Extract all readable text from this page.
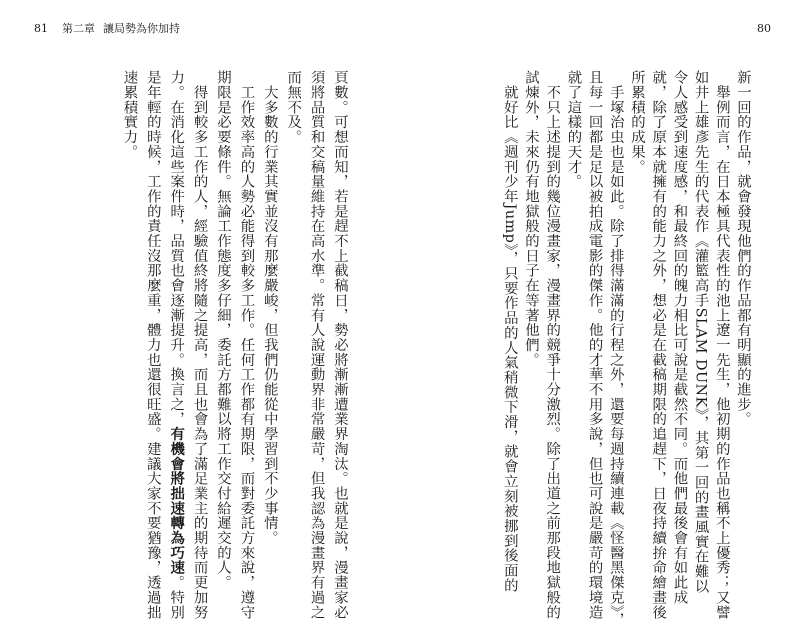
81 第二章 讓局勢為你加持	80
新一回的作品，就會發現他們的作品都有明顯的進步。
　舉例而言，在日本極具代表性的池上遼一先生，他初期的作品也稱不上優秀；又譬
如井上雄彥先生的代表作《灌籃高手SLAM DUNK》，其第一回的畫風實在難以
令人感受到速度感，和最終回的魄力相比可說是截然不同。而他們最後會有如此成
就，除了原本就擁有的能力之外，想必是在截稿期限的追趕下，日夜持續拚命繪畫後
所累積的成果。
　手塚治虫也是如此。除了排得滿滿的行程之外，還要每週持續連載《怪醫黑傑克》，
且每一回都是足以被拍成電影的傑作。他的才華不用多說，但也可說是嚴苛的環境造
就了這樣的天才。
　不只上述提到的幾位漫畫家，漫畫界的競爭十分激烈。除了出道之前那段地獄般的
試煉外，未來仍有地獄般的日子在等著他們。
　就好比《週刊少年Jump》，只要作品的人氣稍微下滑，就會立刻被挪到後面的
頁數。可想而知，若是趕不上截稿日，勢必將漸漸遭業界淘汰。也就是說，漫畫家必
須將品質和交稿量維持在高水準。常有人說運動界非常嚴苛，但我認為漫畫界有過之
而無不及。
　大多數的行業其實並沒有那麼嚴峻，但我們仍能從中學習到不少事情。
　工作效率高的人勢必能得到較多工作。任何工作都有期限，而對委託方來說，遵守
期限是必要條件。無論工作態度多仔細，委託方都難以將工作交付給遲交的人。
　得到較多工作的人，經驗值終將隨之提高，而且也會為了滿足業主的期待而更加努
力。在消化這些案件時，品質也會逐漸提升。換言之，有機會將拙速轉為巧速。特別
是年輕的時候，工作的責任沒那麼重，體力也還很旺盛。建議大家不要猶豫，透過拙
速累積實力。
